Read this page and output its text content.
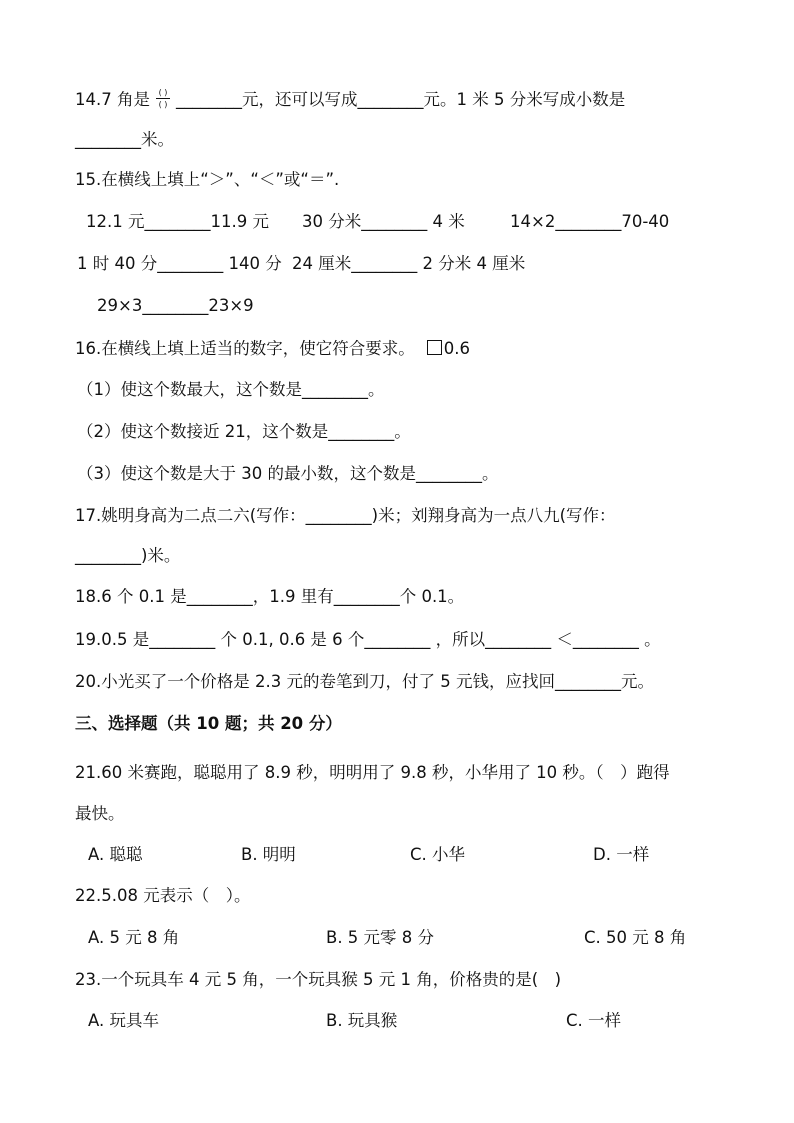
14.7 角是 $\frac{( )}{( )}$ ________元，还可以写成________元。1 米 5 分米写成小数是
________米。
15.在横线上填上“＞”、“＜”或“＝”.
12.1 元________11.9 元 30 分米________ 4 米	14×2________70-40
1 时 40 分________ 140 分 24 厘米________ 2 分米 4 厘米
29×3________23×9
16.在横线上填上适当的数字，使它符合要求。 0.6
（1）使这个数最大，这个数是________。
（2）使这个数接近 21，这个数是________。
（3）使这个数是大于 30 的最小数，这个数是________。
17.姚明身高为二点二六(写作：________)米；刘翔身高为一点八九(写作：
________)米。
18.6 个 0.1 是________，1.9 里有________个 0.1。
19.0.5 是________ 个 0.1, 0.6 是 6 个________ ，所以________ ＜________ 。
20.小光买了一个价格是 2.3 元的卷笔到刀，付了 5 元钱，应找回________元。
三、选择题（共 10 题；共 20 分）
21.60 米赛跑，聪聪用了 8.9 秒，明明用了 9.8 秒，小华用了 10 秒。（　）跑得
最快。
A. 聪聪	B. 明明	C. 小华	D. 一样
22.5.08 元表示（　）。
A. 5 元 8 角	B. 5 元零 8 分	C. 50 元 8 角
23.一个玩具车 4 元 5 角，一个玩具猴 5 元 1 角，价格贵的是(　)
A. 玩具车	B. 玩具猴	C. 一样
